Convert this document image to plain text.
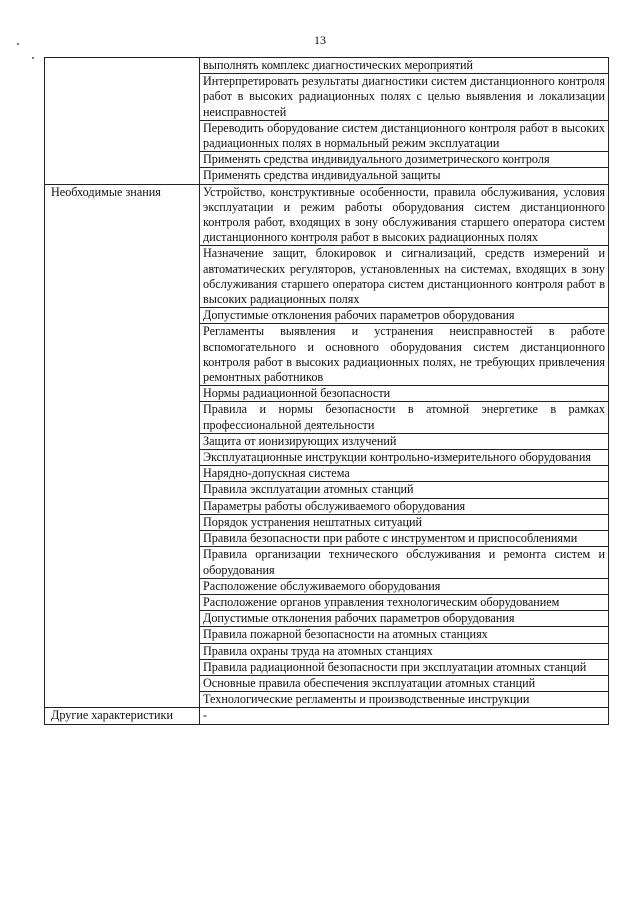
13
	выполнять комплекс диагностических мероприятий
	Интерпретировать результаты диагностики систем дистанционного контроля работ в высоких радиационных полях с целью выявления и локализации неисправностей
	Переводить оборудование систем дистанционного контроля работ в высоких радиационных полях в нормальный режим эксплуатации
	Применять средства индивидуального дозиметрического контроля
	Применять средства индивидуальной защиты
Необходимые знания	Устройство, конструктивные особенности, правила обслуживания, условия эксплуатации и режим работы оборудования систем дистанционного контроля работ, входящих в зону обслуживания старшего оператора систем дистанционного контроля работ в высоких радиационных полях
	Назначение защит, блокировок и сигнализаций, средств измерений и автоматических регуляторов, установленных на системах, входящих в зону обслуживания старшего оператора систем дистанционного контроля работ в высоких радиационных полях
	Допустимые отклонения рабочих параметров оборудования
	Регламенты выявления и устранения неисправностей в работе вспомогательного и основного оборудования систем дистанционного контроля работ в высоких радиационных полях, не требующих привлечения ремонтных работников
	Нормы радиационной безопасности
	Правила и нормы безопасности в атомной энергетике в рамках профессиональной деятельности
	Защита от ионизирующих излучений
	Эксплуатационные инструкции контрольно-измерительного оборудования
	Нарядно-допускная система
	Правила эксплуатации атомных станций
	Параметры работы обслуживаемого оборудования
	Порядок устранения нештатных ситуаций
	Правила безопасности при работе с инструментом и приспособлениями
	Правила организации технического обслуживания и ремонта систем и оборудования
	Расположение обслуживаемого оборудования
	Расположение органов управления технологическим оборудованием
	Допустимые отклонения рабочих параметров оборудования
	Правила пожарной безопасности на атомных станциях
	Правила охраны труда на атомных станциях
	Правила радиационной безопасности при эксплуатации атомных станций
	Основные правила обеспечения эксплуатации атомных станций
	Технологические регламенты и производственные инструкции
Другие характеристики	-
